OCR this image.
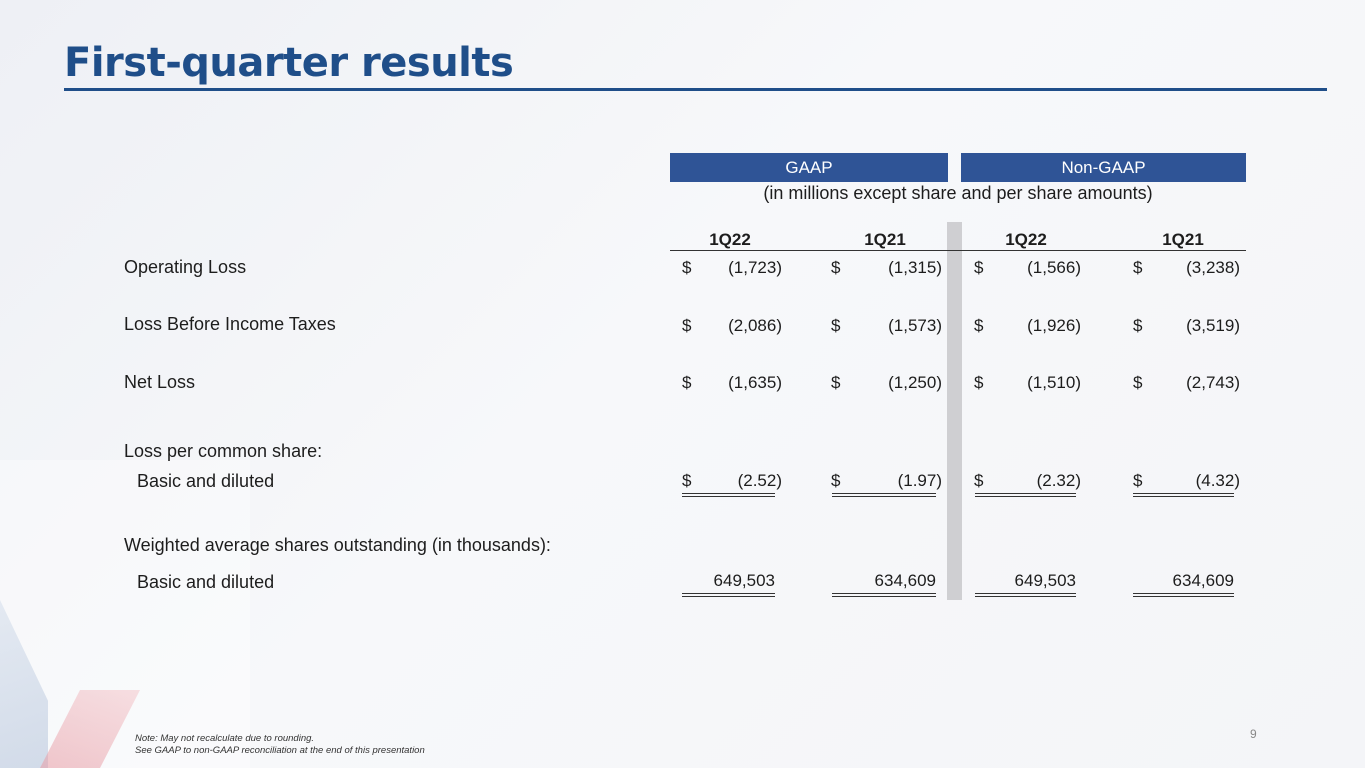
First-quarter results
GAAP	Non-GAAP
(in millions except share and per share amounts)
1Q22	1Q21	1Q22	1Q21
Operating Loss	$	(1,723)	$	(1,315) $	(1,566)	$	(3,238)
Loss Before Income Taxes	$	(2,086)	$	(1,573) $	(1,926)	$	(3,519)
Net Loss	$	(1,635)	$	(1,250) $	(1,510)	$	(2,743)
Loss per common share:
Basic and diluted	$	(2.52)	$	(1.97) $	(2.32)	$	(4.32)
Weighted average shares outstanding (in thousands):
Basic and diluted	649,503	634,609	649,503	634,609
Note: May not recalculate due to rounding.
See GAAP to non-GAAP reconciliation at the end of this presentation
9
